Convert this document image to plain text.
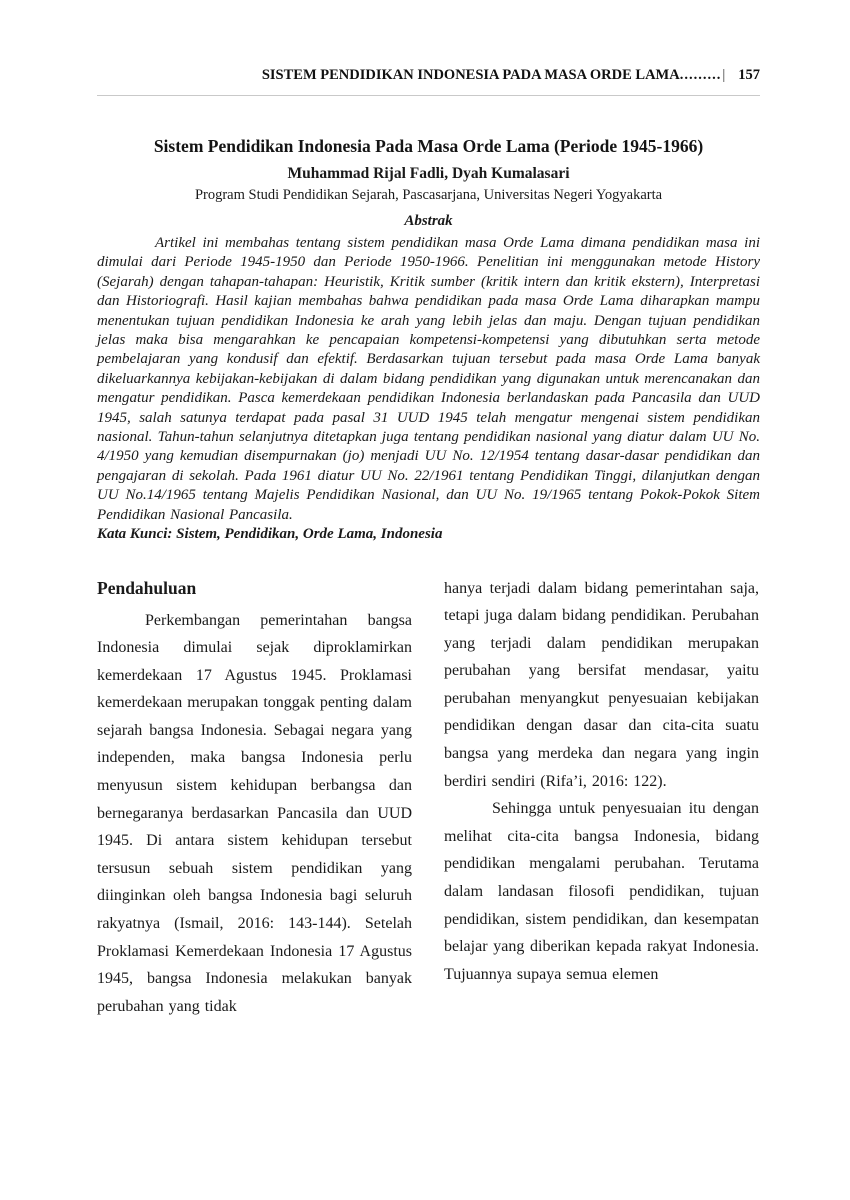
SISTEM PENDIDIKAN INDONESIA PADA MASA ORDE LAMA.........| 157
Sistem Pendidikan Indonesia Pada Masa Orde Lama (Periode 1945-1966)
Muhammad Rijal Fadli, Dyah Kumalasari
Program Studi Pendidikan Sejarah, Pascasarjana, Universitas Negeri Yogyakarta
Abstrak

Artikel ini membahas tentang sistem pendidikan masa Orde Lama dimana pendidikan masa ini dimulai dari Periode 1945-1950 dan Periode 1950-1966. Penelitian ini menggunakan metode History (Sejarah) dengan tahapan-tahapan: Heuristik, Kritik sumber (kritik intern dan kritik ekstern), Interpretasi dan Historiografi. Hasil kajian membahas bahwa pendidikan pada masa Orde Lama diharapkan mampu menentukan tujuan pendidikan Indonesia ke arah yang lebih jelas dan maju. Dengan tujuan pendidikan jelas maka bisa mengarahkan ke pencapaian kompetensi-kompetensi yang dibutuhkan serta metode pembelajaran yang kondusif dan efektif. Berdasarkan tujuan tersebut pada masa Orde Lama banyak dikeluarkannya kebijakan-kebijakan di dalam bidang pendidikan yang digunakan untuk merencanakan dan mengatur pendidikan. Pasca kemerdekaan pendidikan Indonesia berlandaskan pada Pancasila dan UUD 1945, salah satunya terdapat pada pasal 31 UUD 1945 telah mengatur mengenai sistem pendidikan nasional. Tahun-tahun selanjutnya ditetapkan juga tentang pendidikan nasional yang diatur dalam UU No. 4/1950 yang kemudian disempurnakan (jo) menjadi UU No. 12/1954 tentang dasar-dasar pendidikan dan pengajaran di sekolah. Pada 1961 diatur UU No. 22/1961 tentang Pendidikan Tinggi, dilanjutkan dengan UU No.14/1965 tentang Majelis Pendidikan Nasional, dan UU No. 19/1965 tentang Pokok-Pokok Sitem Pendidikan Nasional Pancasila.

Kata Kunci: Sistem, Pendidikan, Orde Lama, Indonesia

Pendahuluan

Perkembangan pemerintahan bangsa Indonesia dimulai sejak diproklamirkan kemerdekaan 17 Agustus 1945. Proklamasi kemerdekaan merupakan tonggak penting dalam sejarah bangsa Indonesia. Sebagai negara yang independen, maka bangsa Indonesia perlu menyusun sistem kehidupan berbangsa dan bernegaranya berdasarkan Pancasila dan UUD 1945. Di antara sistem kehidupan tersebut tersusun sebuah sistem pendidikan yang diinginkan oleh bangsa Indonesia bagi seluruh rakyatnya (Ismail, 2016: 143-144). Setelah Proklamasi Kemerdekaan Indonesia 17 Agustus 1945, bangsa Indonesia melakukan banyak perubahan yang tidak

hanya terjadi dalam bidang pemerintahan saja, tetapi juga dalam bidang pendidikan. Perubahan yang terjadi dalam pendidikan merupakan perubahan yang bersifat mendasar, yaitu perubahan menyangkut penyesuaian kebijakan pendidikan dengan dasar dan cita-cita suatu bangsa yang merdeka dan negara yang ingin berdiri sendiri (Rifa’i, 2016: 122).

Sehingga untuk penyesuaian itu dengan melihat cita-cita bangsa Indonesia, bidang pendidikan mengalami perubahan. Terutama dalam landasan filosofi pendidikan, tujuan pendidikan, sistem pendidikan, dan kesempatan belajar yang diberikan kepada rakyat Indonesia. Tujuannya supaya semua elemen
